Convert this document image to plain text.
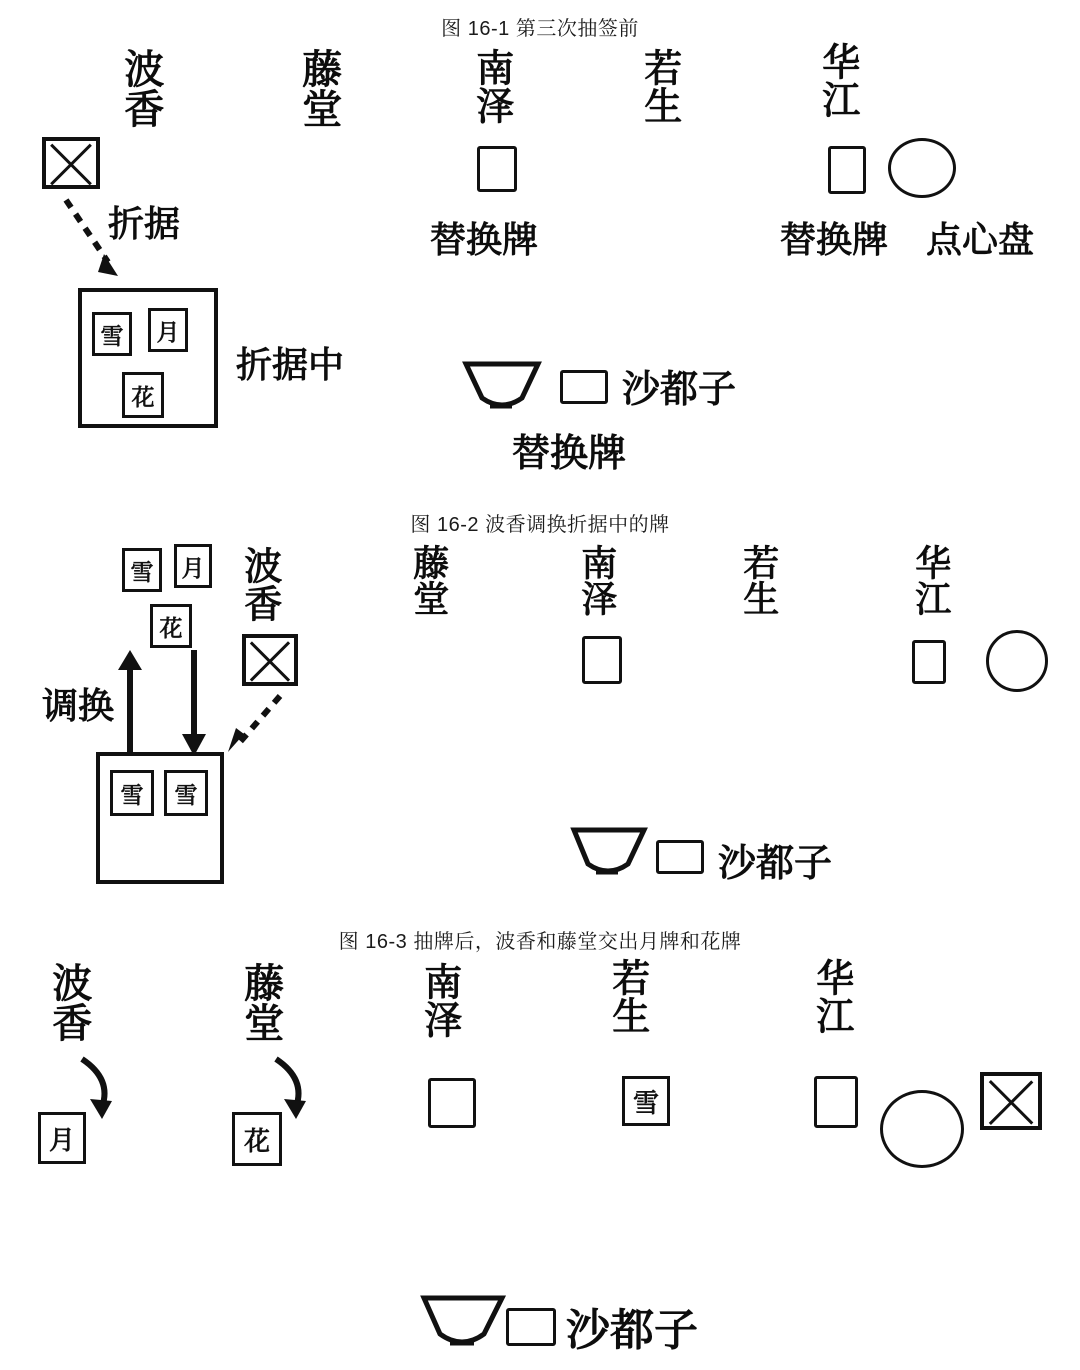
图 16-1 第三次抽签前
波香	藤堂	南泽	若生	华江
折据
雪	月
花
折据中
替换牌	替换牌 点心盘
沙都子
替换牌
图 16-2 波香调换折据中的牌
雪	月
花
波香	藤堂	南泽	若生	华江
调换
雪	雪
沙都子
图 16-3 抽牌后，波香和藤堂交出月牌和花牌
波香	藤堂	南泽	若生	华江
月	花
雪
沙都子
